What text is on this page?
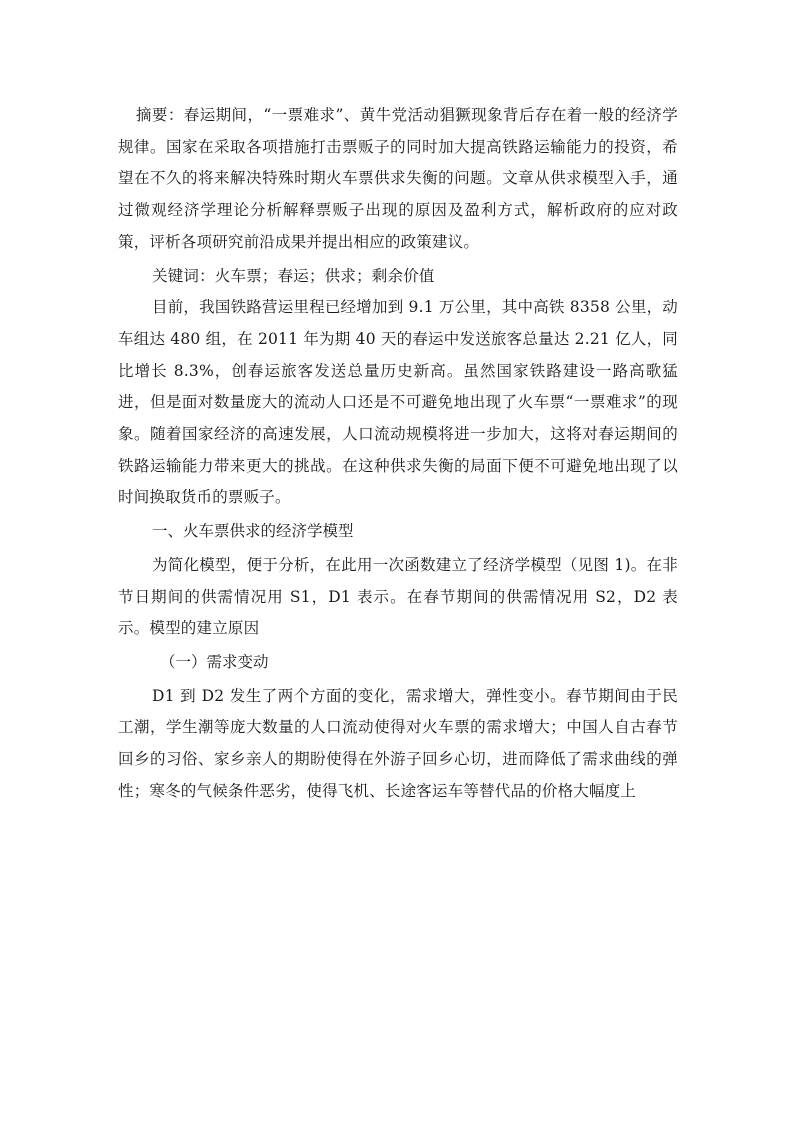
摘要：春运期间，“一票难求”、黄牛党活动猖獗现象背后存在着一般的经济学规律。国家在采取各项措施打击票贩子的同时加大提高铁路运输能力的投资，希望在不久的将来解决特殊时期火车票供求失衡的问题。文章从供求模型入手，通过微观经济学理论分析解释票贩子出现的原因及盈利方式，解析政府的应对政策，评析各项研究前沿成果并提出相应的政策建议。

关键词：火车票；春运；供求；剩余价值

目前，我国铁路营运里程已经增加到 9.1 万公里，其中高铁 8358 公里，动车组达 480 组，在 2011 年为期 40 天的春运中发送旅客总量达 2.21 亿人，同比增长 8.3%，创春运旅客发送总量历史新高。虽然国家铁路建设一路高歌猛进，但是面对数量庞大的流动人口还是不可避免地出现了火车票“一票难求”的现象。随着国家经济的高速发展，人口流动规模将进一步加大，这将对春运期间的铁路运输能力带来更大的挑战。在这种供求失衡的局面下便不可避免地出现了以时间换取货币的票贩子。

一、火车票供求的经济学模型

为简化模型，便于分析，在此用一次函数建立了经济学模型（见图 1)。在非节日期间的供需情况用 S1，D1 表示。在春节期间的供需情况用 S2，D2 表示。模型的建立原因

（一）需求变动

D1 到 D2 发生了两个方面的变化，需求增大，弹性变小。春节期间由于民工潮，学生潮等庞大数量的人口流动使得对火车票的需求增大；中国人自古春节回乡的习俗、家乡亲人的期盼使得在外游子回乡心切，进而降低了需求曲线的弹性；寒冬的气候条件恶劣，使得飞机、长途客运车等替代品的价格大幅度上
